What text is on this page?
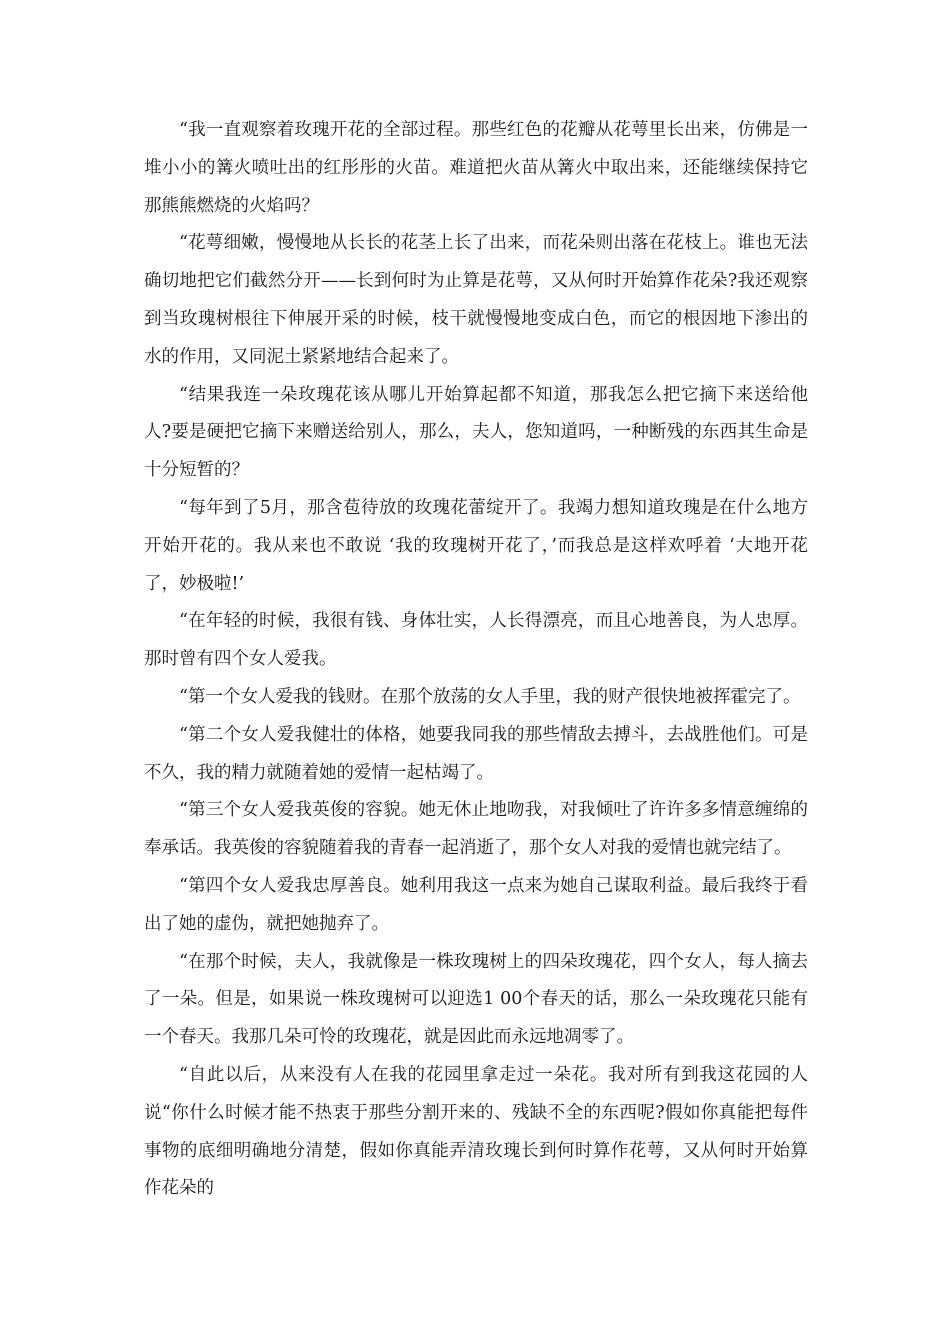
“我一直观察着玫瑰开花的全部过程。那些红色的花瓣从花萼里长出来，仿佛是一堆小小的篝火喷吐出的红彤彤的火苗。难道把火苗从篝火中取出来，还能继续保持它那熊熊燃烧的火焰吗？

“花萼细嫩，慢慢地从长长的花茎上长了出来，而花朵则出落在花枝上。谁也无法确切地把它们截然分开——长到何时为止算是花萼，又从何时开始算作花朵?我还观察到当玫瑰树根往下伸展开采的时候，枝干就慢慢地变成白色，而它的根因地下渗出的水的作用，又同泥土紧紧地结合起来了。

“结果我连一朵玫瑰花该从哪儿开始算起都不知道，那我怎么把它摘下来送给他人?要是硬把它摘下来赠送给别人，那么，夫人，您知道吗，一种断残的东西其生命是十分短暂的？

“每年到了5月，那含苞待放的玫瑰花蕾绽开了。我竭力想知道玫瑰是在什么地方开始开花的。我从来也不敢说 ‘我的玫瑰树开花了，’而我总是这样欢呼着 ‘大地开花了，妙极啦!’

“在年轻的时候，我很有钱、身体壮实，人长得漂亮，而且心地善良，为人忠厚。那时曾有四个女人爱我。

“第一个女人爱我的钱财。在那个放荡的女人手里，我的财产很快地被挥霍完了。

“第二个女人爱我健壮的体格，她要我同我的那些情敌去搏斗，去战胜他们。可是不久，我的精力就随着她的爱情一起枯竭了。

“第三个女人爱我英俊的容貌。她无休止地吻我，对我倾吐了许许多多情意缠绵的奉承话。我英俊的容貌随着我的青春一起消逝了，那个女人对我的爱情也就完结了。

“第四个女人爱我忠厚善良。她利用我这一点来为她自己谋取利益。最后我终于看出了她的虚伪，就把她抛弃了。

“在那个时候，夫人，我就像是一株玫瑰树上的四朵玫瑰花，四个女人，每人摘去了一朵。但是，如果说一株玫瑰树可以迎选1 00个春天的话，那么一朵玫瑰花只能有一个春天。我那几朵可怜的玫瑰花，就是因此而永远地凋零了。

“自此以后，从来没有人在我的花园里拿走过一朵花。我对所有到我这花园的人说“你什么时候才能不热衷于那些分割开来的、残缺不全的东西呢?假如你真能把每件事物的底细明确地分清楚，假如你真能弄清玫瑰长到何时算作花萼，又从何时开始算作花朵的
